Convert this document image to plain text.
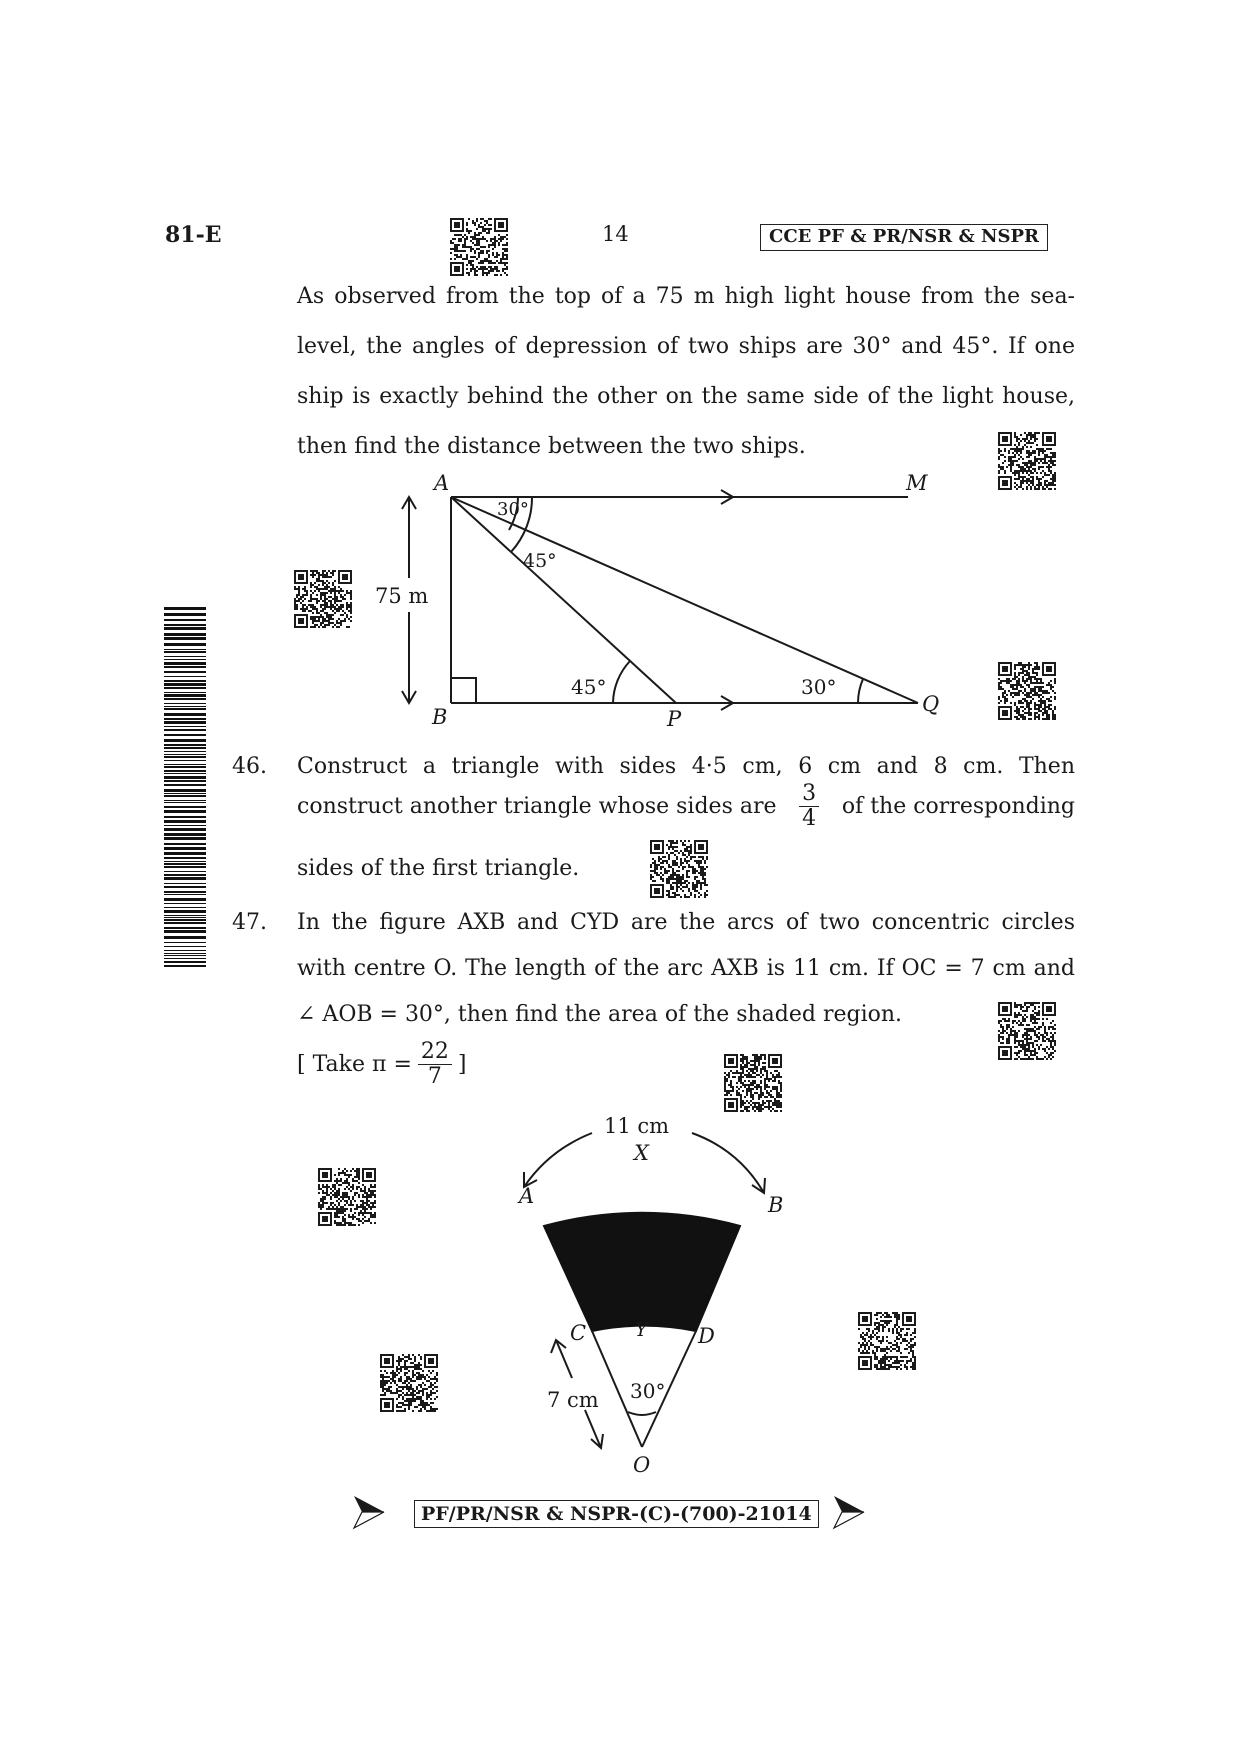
81-E	14	CCE PF & PR/NSR & NSPR
As observed from the top of a 75 m high light house from the sea-
level, the angles of depression of two ships are 30° and 45°. If one
ship is exactly behind the other on the same side of the light house,
then find the distance between the two ships.
A	M
B	P
Q
30°
45°
75 m
45°	30°
46. Construct a triangle with sides 4·5 cm, 6 cm and 8 cm. Then
construct another triangle whose sides are $\frac{3}{4}$ of the corresponding
sides of the first triangle.
47. In the figure AXB and CYD are the arcs of two concentric circles
with centre O. The length of the arc AXB is 11 cm. If OC = 7 cm and
∠ AOB = 30°, then find the area of the shaded region.
[ Take $\pi = \frac{22}{7}$ ]
11 cm
X
A	B
C	Y D
O
30°
7 cm
PF/PR/NSR & NSPR-(C)-(700)-21014
